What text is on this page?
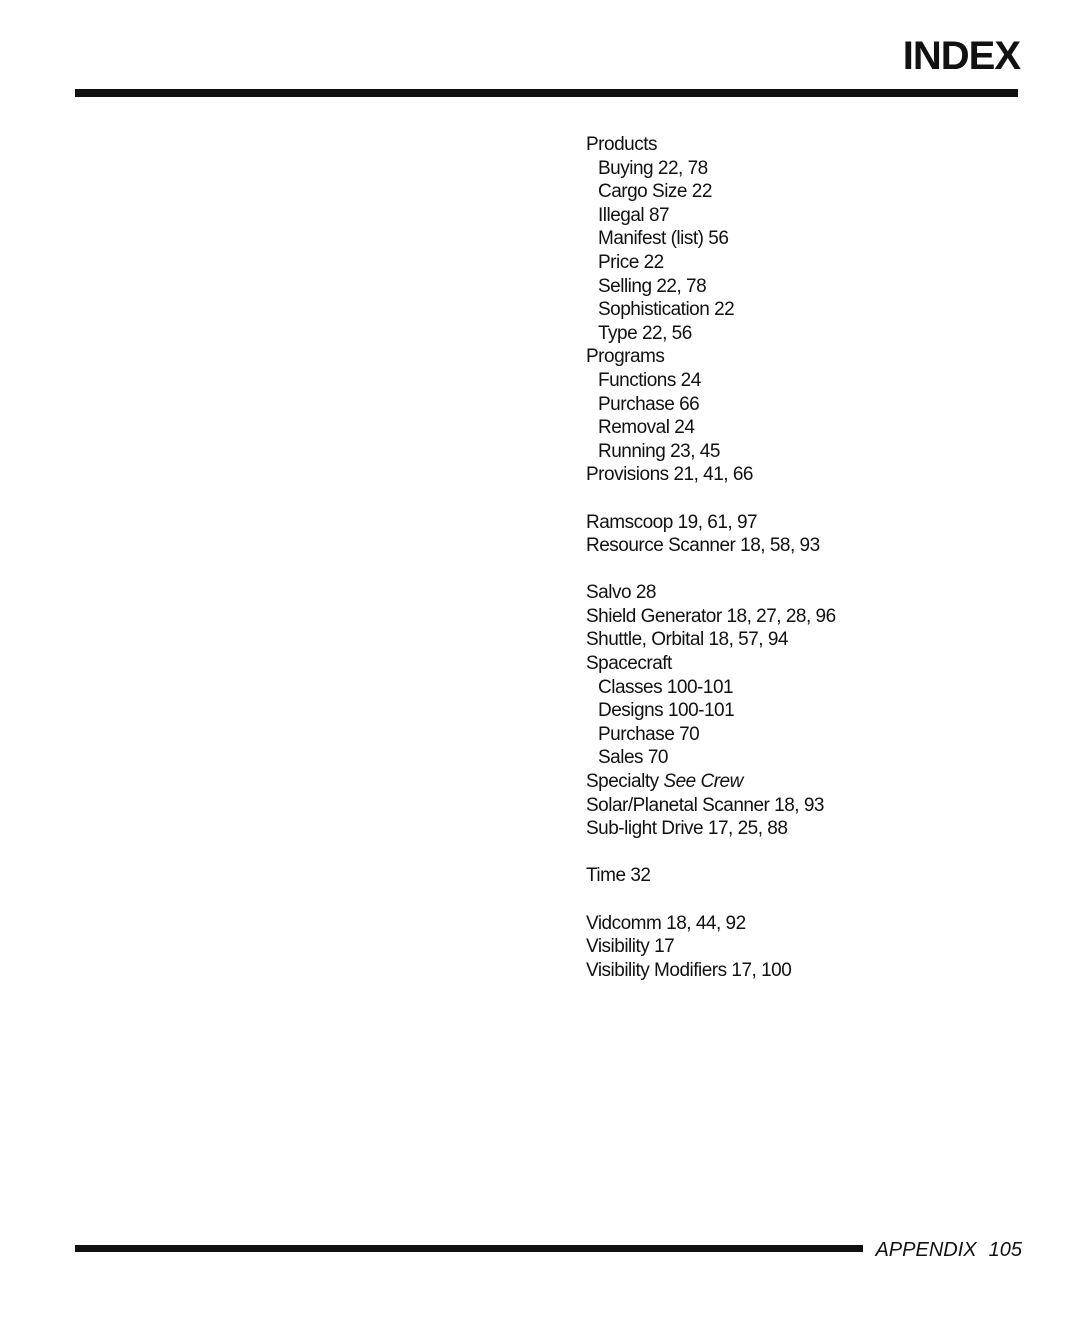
INDEX
Products
Buying 22, 78
Cargo Size 22
Illegal 87
Manifest (list) 56
Price 22
Selling 22, 78
Sophistication 22
Type 22, 56
Programs
Functions 24
Purchase 66
Removal 24
Running 23, 45
Provisions 21, 41, 66
Ramscoop 19, 61, 97
Resource Scanner 18, 58, 93
Salvo 28
Shield Generator 18, 27, 28, 96
Shuttle, Orbital 18, 57, 94
Spacecraft
Classes 100-101
Designs 100-101
Purchase 70
Sales 70
Specialty See Crew
Solar/Planetal Scanner 18, 93
Sub-light Drive 17, 25, 88
Time 32
Vidcomm 18, 44, 92
Visibility 17
Visibility Modifiers 17, 100
APPENDIX 105
